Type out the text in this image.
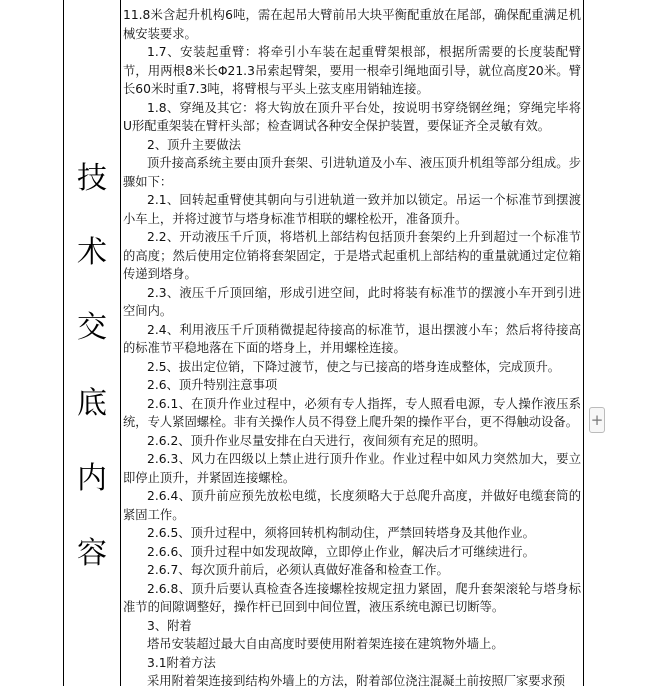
技
术
交
底
内
容

11.8米含起升机构6吨，需在起吊大臂前吊大块平衡配重放在尾部，确保配重满足机械安装要求。

1.7、安装起重臂：将牵引小车装在起重臂架根部，根据所需要的长度装配臂节，用两根8米长Φ21.3吊索起臂架，要用一根牵引绳地面引导，就位高度20米。臂长60米时重7.3吨，将臂根与平头上弦支座用销轴连接。

1.8、穿绳及其它：将大钩放在顶升平台处，按说明书穿绕钢丝绳；穿绳完毕将U形配重架装在臂杆头部；检查调试各种安全保护装置，要保证齐全灵敏有效。

2、顶升主要做法

顶升接高系统主要由顶升套架、引进轨道及小车、液压顶升机组等部分组成。步骤如下：

2.1、回转起重臂使其朝向与引进轨道一致并加以锁定。吊运一个标准节到摆渡小车上，并将过渡节与塔身标准节相联的螺栓松开，准备顶升。

2.2、开动液压千斤顶，将塔机上部结构包括顶升套架约上升到超过一个标准节的高度；然后使用定位销将套架固定，于是塔式起重机上部结构的重量就通过定位箱传递到塔身。

2.3、液压千斤顶回缩，形成引进空间，此时将装有标准节的摆渡小车开到引进空间内。

2.4、利用液压千斤顶稍微提起待接高的标准节，退出摆渡小车；然后将待接高的标准节平稳地落在下面的塔身上，并用螺栓连接。

2.5、拔出定位销，下降过渡节，使之与已接高的塔身连成整体，完成顶升。

2.6、顶升特别注意事项

2.6.1、在顶升作业过程中，必须有专人指挥，专人照看电源，专人操作液压系统，专人紧固螺栓。非有关操作人员不得登上爬升架的操作平台，更不得触动设备。

2.6.2、顶升作业尽量安排在白天进行，夜间须有充足的照明。

2.6.3、风力在四级以上禁止进行顶升作业。作业过程中如风力突然加大，要立即停止顶升，并紧固连接螺栓。

2.6.4、顶升前应预先放松电缆，长度须略大于总爬升高度，并做好电缆套筒的紧固工作。

2.6.5、顶升过程中，须将回转机构制动住，严禁回转塔身及其他作业。

2.6.6、顶升过程中如发现故障，立即停止作业，解决后才可继续进行。

2.6.7、每次顶升前后，必须认真做好准备和检查工作。

2.6.8、顶升后要认真检查各连接螺栓按规定扭力紧固，爬升套架滚轮与塔身标准节的间隙调整好，操作杆已回到中间位置，液压系统电源已切断等。

3、附着

塔吊安装超过最大自由高度时要使用附着架连接在建筑物外墙上。

3.1附着方法

采用附着架连接到结构外墙上的方法，附着部位浇注混凝土前按照厂家要求预

+
